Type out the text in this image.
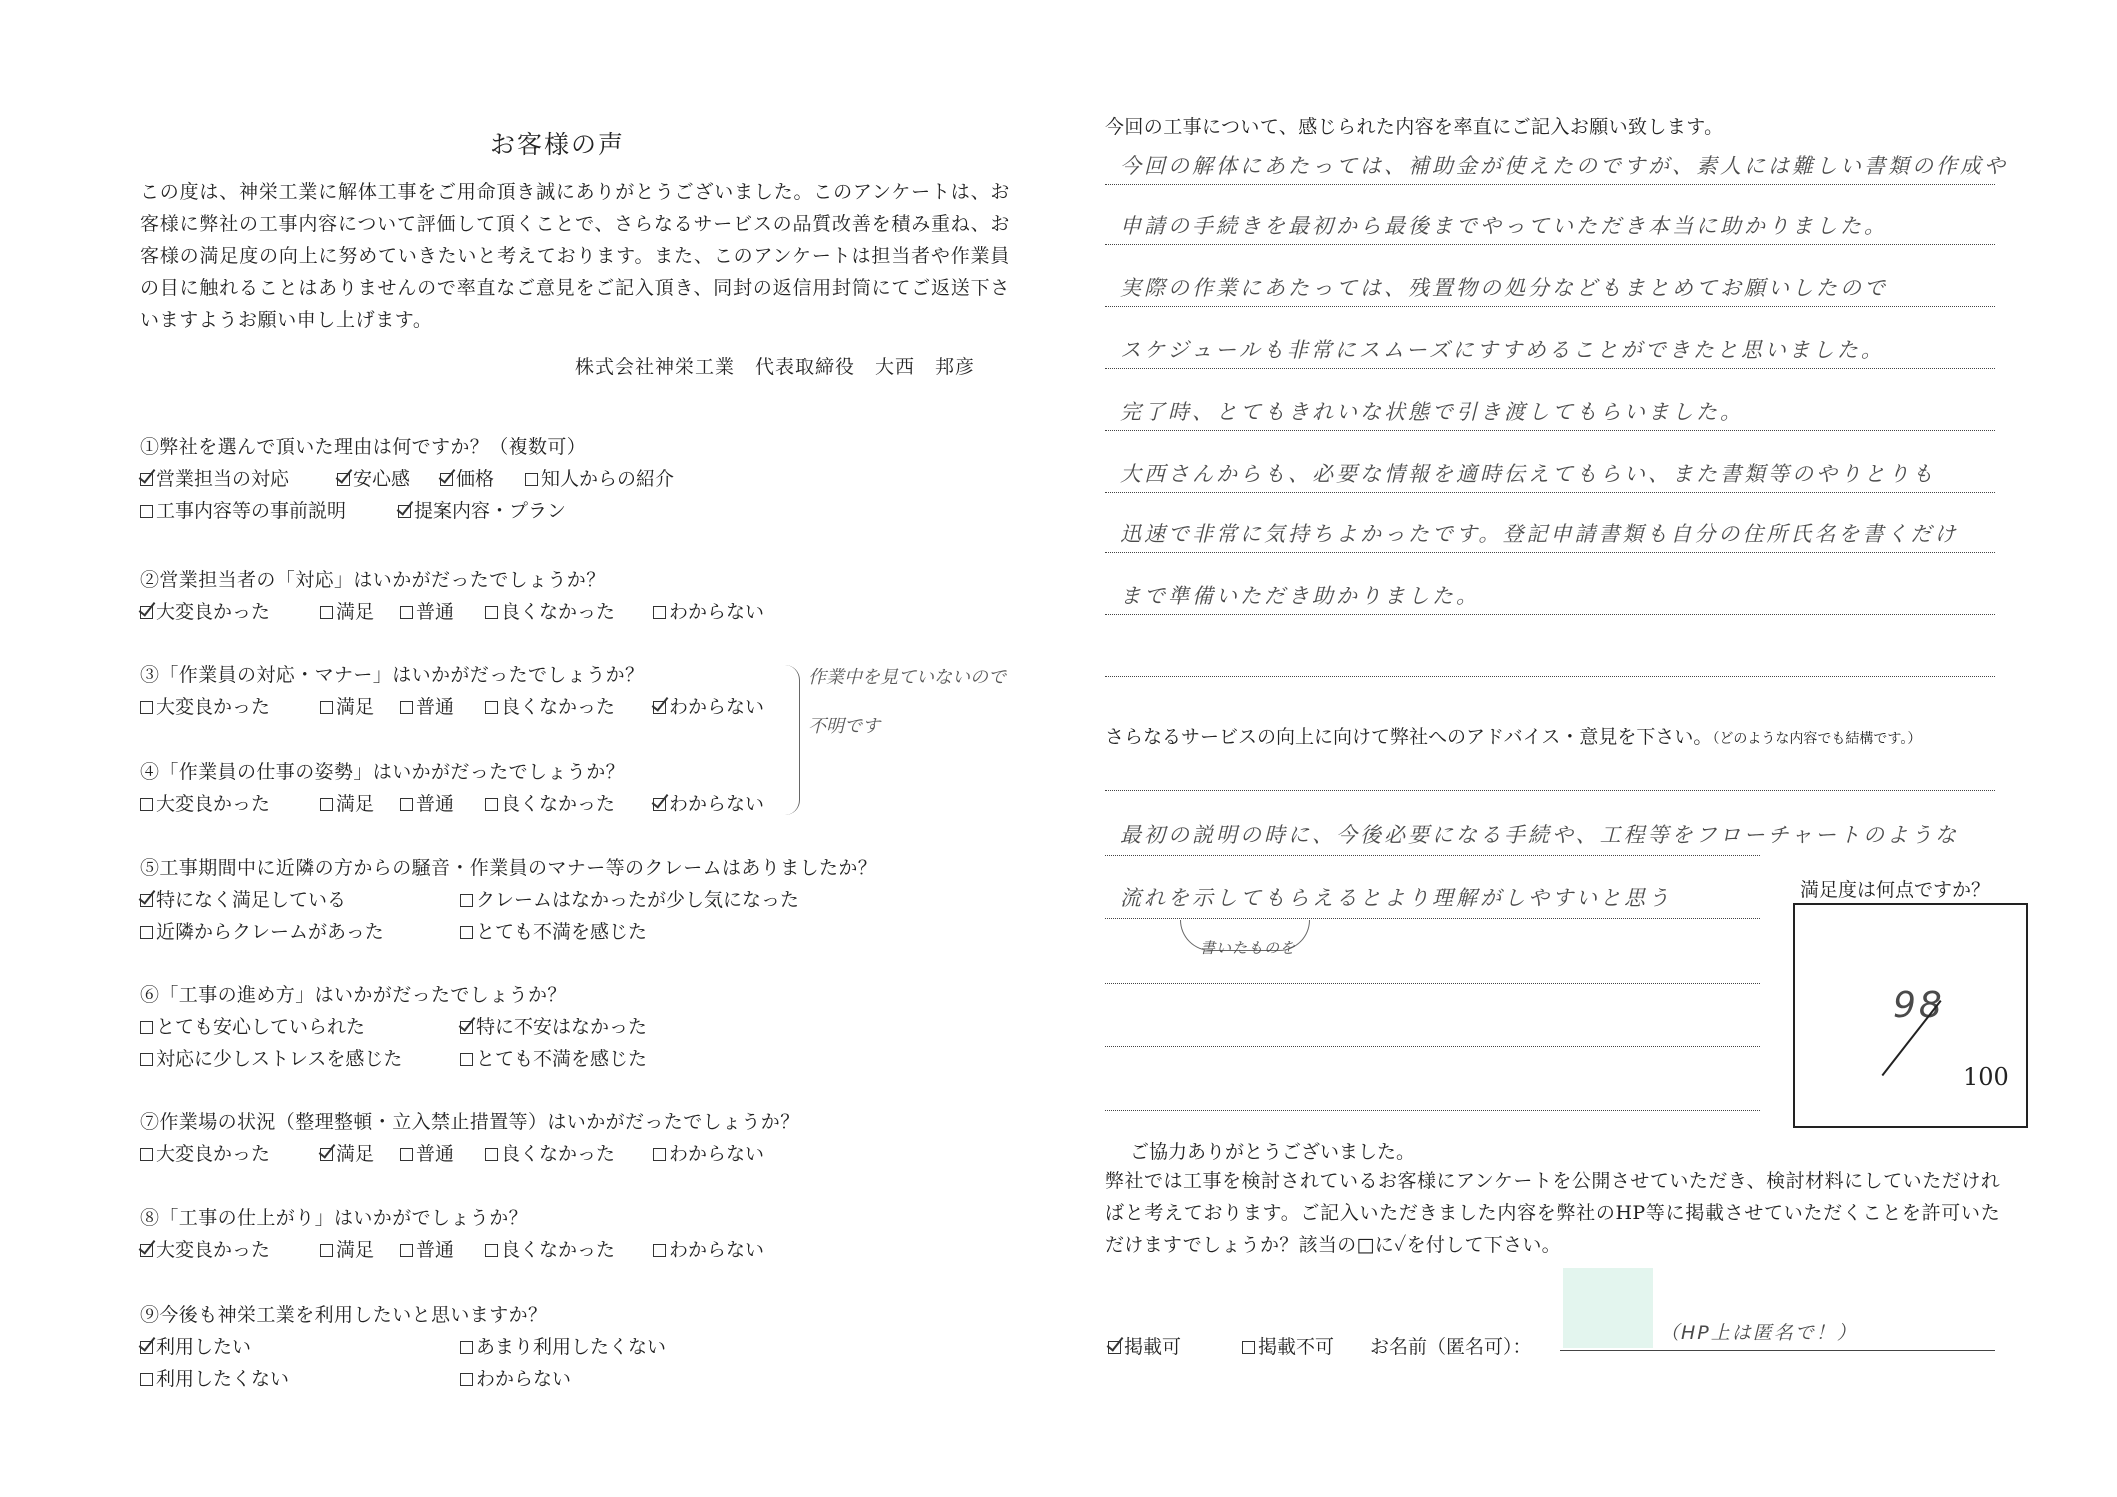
お客様の声
この度は、神栄工業に解体工事をご用命頂き誠にありがとうございました。このアンケートは、お客様に弊社の工事内容について評価して頂くことで、さらなるサービスの品質改善を積み重ね、お客様の満足度の向上に努めていきたいと考えております。また、このアンケートは担当者や作業員の目に触れることはありませんので率直なご意見をご記入頂き、同封の返信用封筒にてご返送下さいますようお願い申し上げます。
株式会社神栄工業　代表取締役　大西　邦彦
①弊社を選んで頂いた理由は何ですか？（複数可）
営業担当の対応	安心感	価格	知人からの紹介
工事内容等の事前説明	提案内容・プラン
②営業担当者の「対応」はいかがだったでしょうか？
大変良かった	満足	普通	良くなかった	わからない
③「作業員の対応・マナー」はいかがだったでしょうか？
大変良かった	満足	普通	良くなかった	わからない
④「作業員の仕事の姿勢」はいかがだったでしょうか？
大変良かった	満足	普通	良くなかった	わからない
⑤工事期間中に近隣の方からの騒音・作業員のマナー等のクレームはありましたか？
特になく満足している	クレームはなかったが少し気になった
近隣からクレームがあった	とても不満を感じた
⑥「工事の進め方」はいかがだったでしょうか？
とても安心していられた	特に不安はなかった
対応に少しストレスを感じた	とても不満を感じた
⑦作業場の状況（整理整頓・立入禁止措置等）はいかがだったでしょうか？
大変良かった	満足	普通	良くなかった	わからない
⑧「工事の仕上がり」はいかがでしょうか？
大変良かった	満足	普通	良くなかった	わからない
⑨今後も神栄工業を利用したいと思いますか？
利用したい	あまり利用したくない
利用したくない	わからない
作業中を見ていないので
不明です
今回の工事について、感じられた内容を率直にご記入お願い致します。
今回の解体にあたっては、補助金が使えたのですが、素人には難しい書類の作成や
申請の手続きを最初から最後までやっていただき本当に助かりました。
実際の作業にあたっては、残置物の処分などもまとめてお願いしたので
スケジュールも非常にスムーズにすすめることができたと思いました。
完了時、とてもきれいな状態で引き渡してもらいました。
大西さんからも、必要な情報を適時伝えてもらい、また書類等のやりとりも
迅速で非常に気持ちよかったです。登記申請書類も自分の住所氏名を書くだけ
まで準備いただき助かりました。
さらなるサービスの向上に向けて弊社へのアドバイス・意見を下さい。（どのような内容でも結構です。）
最初の説明の時に、今後必要になる手続や、工程等をフローチャートのような
流れを示してもらえるとより理解がしやすいと思う
書いたものを
満足度は何点ですか？
98
100
ご協力ありがとうございました。
弊社では工事を検討されているお客様にアンケートを公開させていただき、検討材料にしていただければと考えております。ご記入いただきました内容を弊社のHP等に掲載させていただくことを許可いただけますでしょうか？該当の□に✓を付して下さい。
掲載可	掲載不可 お名前（匿名可）：
（HP上は匿名で！）
